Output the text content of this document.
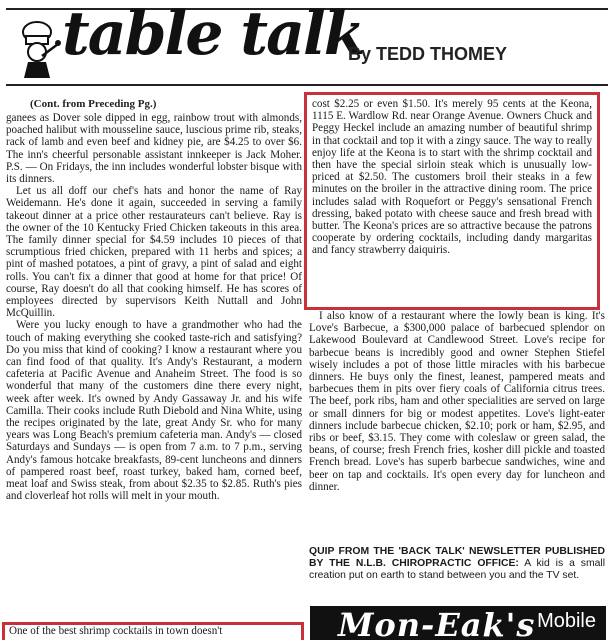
table talk
By TEDD THOMEY
(Cont. from Preceding Pg.)

ganees as Dover sole dipped in egg, rainbow trout with almonds, poached halibut with mousseline sauce, luscious prime rib, steaks, rack of lamb and even beef and kidney pie, are $4.25 to over $6. The inn's cheerful personable assistant innkeeper is Jack Moher. P.S. — On Fridays, the inn includes wonderful lobster bisque with its dinners.

Let us all doff our chef's hats and honor the name of Ray Weidemann. He's done it again, succeeded in serving a family takeout dinner at a price other restaurateurs can't believe. Ray is the owner of the 10 Kentucky Fried Chicken takeouts in this area. The family dinner special for $4.59 includes 10 pieces of that scrumptious fried chicken, prepared with 11 herbs and spices; a pint of mashed potatoes, a pint of gravy, a pint of salad and eight rolls. You can't fix a dinner that good at home for that price! Of course, Ray doesn't do all that cooking himself. He has scores of employees directed by supervisors Keith Nuttall and John McQuillin.

Were you lucky enough to have a grandmother who had the touch of making everything she cooked taste-rich and satisfying? Do you miss that kind of cooking? I know a restaurant where you can find food of that quality. It's Andy's Restaurant, a modern cafeteria at Pacific Avenue and Anaheim Street. The food is so wonderful that many of the customers dine there every night, week after week. It's owned by Andy Gassaway Jr. and his wife Camilla. Their cooks include Ruth Diebold and Nina White, using the recipes originated by the late, great Andy Sr. who for many years was Long Beach's premium cafeteria man. Andy's — closed Saturdays and Sundays — is open from 7 a.m. to 7 p.m., serving Andy's famous hotcake breakfasts, 89-cent luncheons and dinners of pampered roast beef, roast turkey, baked ham, corned beef, meat loaf and Swiss steak, from about $2.35 to $2.85. Ruth's pies and cloverleaf hot rolls will melt in your mouth.

One of the best shrimp cocktails in town doesn't
cost $2.25 or even $1.50. It's merely 95 cents at the Keona, 1115 E. Wardlow Rd. near Orange Avenue. Owners Chuck and Peggy Heckel include an amazing number of beautiful shrimp in that cocktail and top it with a zingy sauce. The way to really enjoy life at the Keona is to start with the shrimp cocktail and then have the special sirloin steak which is unusually low-priced at $2.50. The customers broil their steaks in a few minutes on the broiler in the attractive dining room. The price includes salad with Roquefort or Peggy's sensational French dressing, baked potato with cheese sauce and fresh bread with butter. The Keona's prices are so attractive because the patrons cooperate by ordering cocktails, including dandy margaritas and fancy strawberry daiquiris.

I also know of a restaurant where the lowly bean is king. It's Love's Barbecue, a $300,000 palace of barbecued splendor on Lakewood Boulevard at Candlewood Street. Love's recipe for barbecue beans is incredibly good and owner Stephen Stiefel wisely includes a pot of those little miracles with his barbecue dinners. He buys only the finest, leanest, pampered meats and barbecues them in pits over fiery coals of California citrus trees. The beef, pork ribs, ham and other specialities are served on large or small dinners for big or modest appetites. Love's light-eater dinners include barbecue chicken, $2.10; pork or ham, $2.95, and ribs or beef, $3.15. They come with coleslaw or green salad, the beans, of course; fresh French fries, kosher dill pickle and toasted French bread. Love's has superb barbecue sandwiches, wine and beer on tap and cocktails. It's open every day for luncheon and dinner.

QUIP FROM THE 'BACK TALK' NEWSLETTER PUBLISHED BY THE N.L.B. CHIROPRACTIC OFFICE: A kid is a small creation put on earth to stand between you and the TV set.
Mon-Eak's Mobile
